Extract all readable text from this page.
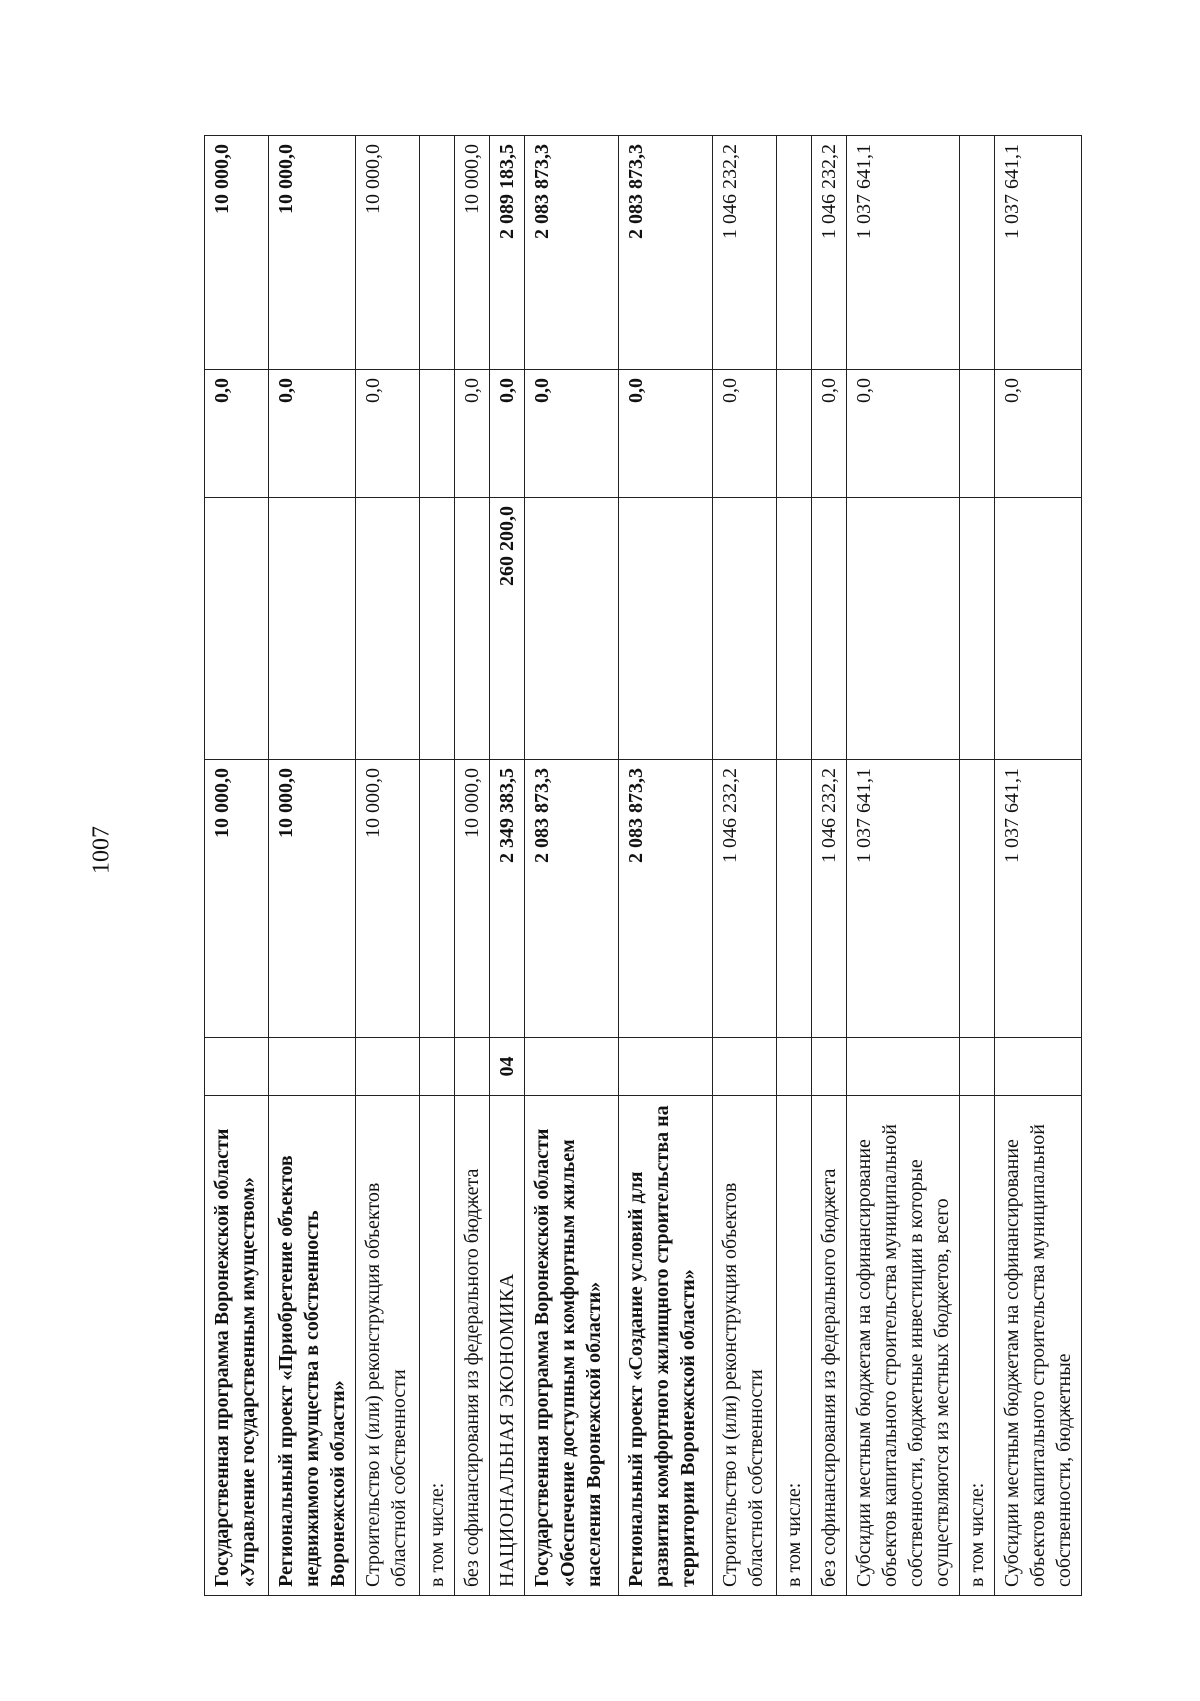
1007
Государственная программа Воронежской области «Управление государственным имуществом»		10 000,0		0,0	10 000,0
Региональный проект «Приобретение объектов недвижимого имущества в собственность Воронежской области»		10 000,0		0,0	10 000,0
Строительство и (или) реконструкция объектов областной собственности		10 000,0		0,0	10 000,0
в том числе:					
без софинансирования из федерального бюджета		10 000,0		0,0	10 000,0
НАЦИОНАЛЬНАЯ ЭКОНОМИКА	04	2 349 383,5	260 200,0	0,0	2 089 183,5
Государственная программа Воронежской области «Обеспечение доступным и комфортным жильем населения Воронежской области»		2 083 873,3		0,0	2 083 873,3
Региональный проект «Создание условий для развития комфортного жилищного строительства на территории Воронежской области»		2 083 873,3		0,0	2 083 873,3
Строительство и (или) реконструкция объектов областной собственности		1 046 232,2		0,0	1 046 232,2
в том числе:					
без софинансирования из федерального бюджета		1 046 232,2		0,0	1 046 232,2
Субсидии местным бюджетам на софинансирование объектов капитального строительства муниципальной собственности, бюджетные инвестиции в которые осуществляются из местных бюджетов, всего		1 037 641,1		0,0	1 037 641,1
в том числе:					
Субсидии местным бюджетам на софинансирование объектов капитального строительства муниципальной собственности, бюджетные		1 037 641,1		0,0	1 037 641,1
